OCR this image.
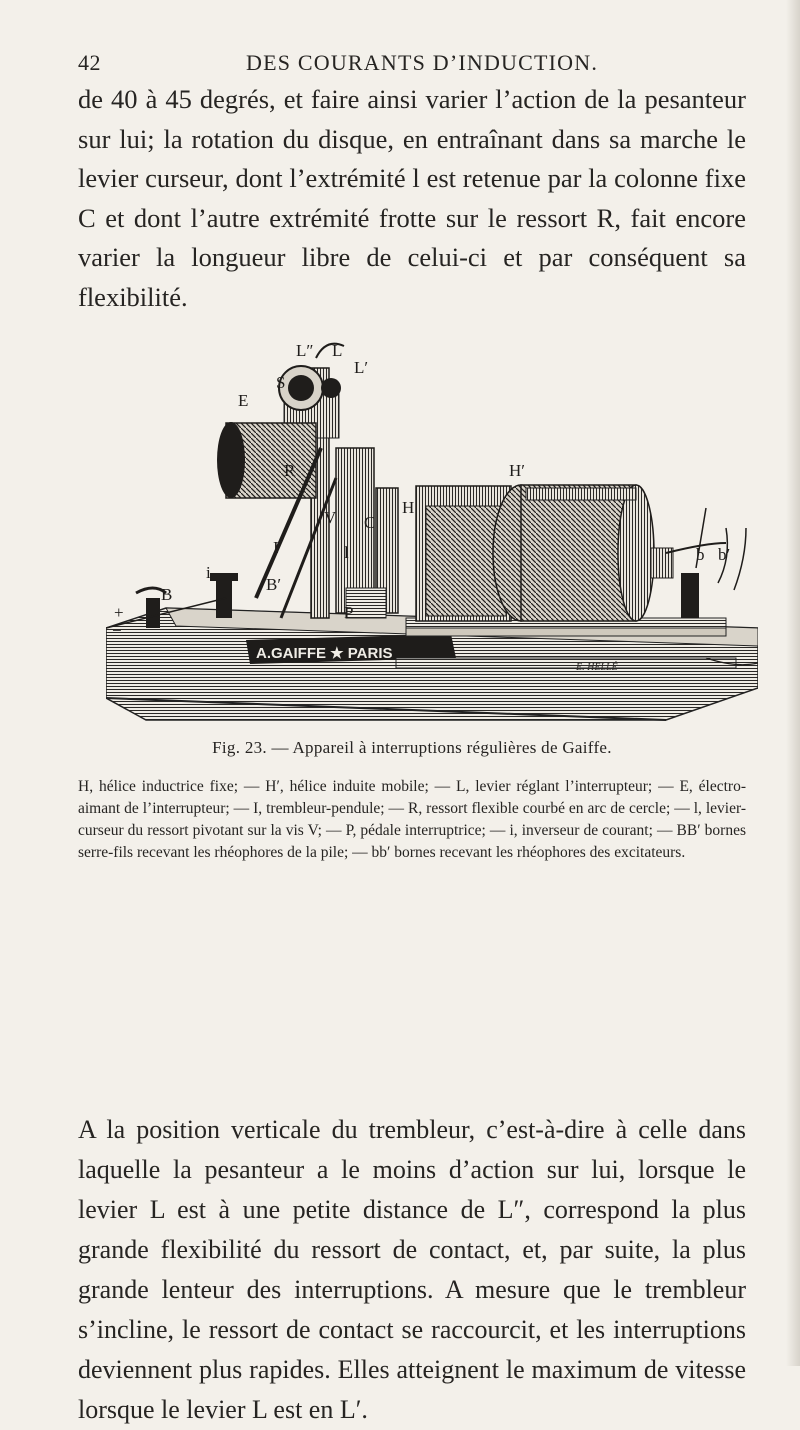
42	DES COURANTS D’INDUCTION.

de 40 à 45 degrés, et faire ainsi varier l’action de la pesanteur sur lui; la rotation du disque, en entraînant dans sa marche le levier curseur, dont l’extrémité l est retenue par la colonne fixe C et dont l’autre extrémité frotte sur le ressort R, fait encore varier la longueur libre de celui-ci et par conséquent sa flexibilité.

A.GAIFFE ★ PARIS
L″ L
L′
S
E
R
V C
I	l
i
B
B′
P
H
H′
b b′
+
−
E. HELLÉ
Fig. 23. — Appareil à interruptions régulières de Gaiffe.

H, hélice inductrice fixe; — H′, hélice induite mobile; — L, levier réglant l’interrupteur; — E, électro-aimant de l’interrupteur; — I, trembleur-pendule; — R, ressort flexible courbé en arc de cercle; — l, levier-curseur du ressort pivotant sur la vis V; — P, pédale interruptrice; — i, inverseur de courant; — BB′ bornes serre-fils recevant les rhéophores de la pile; — bb′ bornes recevant les rhéophores des excitateurs.

A la position verticale du trembleur, c’est-à-dire à celle dans laquelle la pesanteur a le moins d’action sur lui, lorsque le levier L est à une petite distance de L″, correspond la plus grande flexibilité du ressort de contact, et, par suite, la plus grande lenteur des interruptions. A mesure que le trembleur s’incline, le ressort de contact se raccourcit, et les interruptions deviennent plus rapides. Elles atteignent le maximum de vitesse lorsque le levier L est en L′.
